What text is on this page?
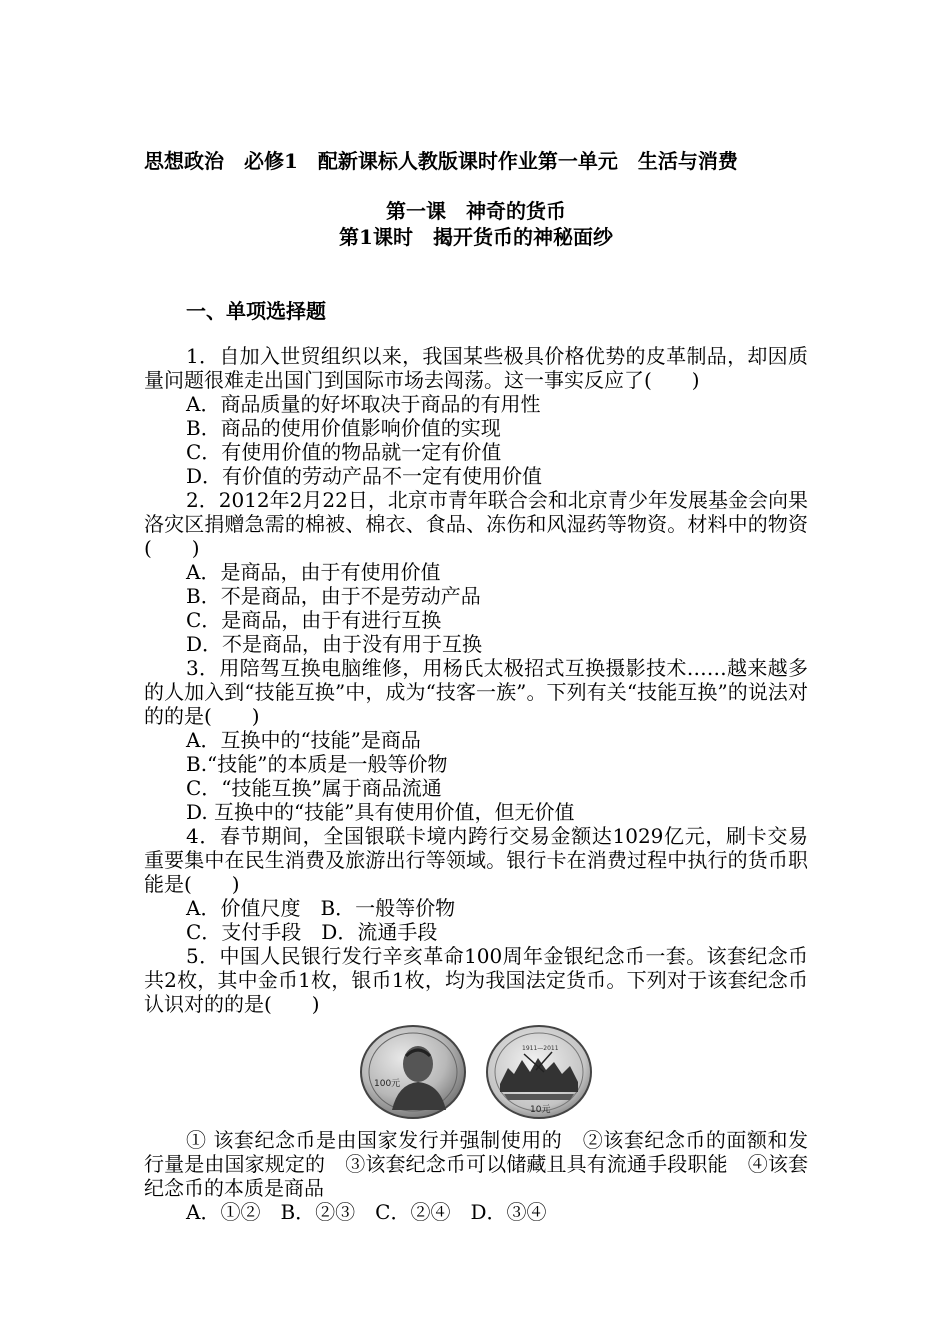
思想政治　必修1　配新课标人教版课时作业第一单元　生活与消费

第一课　神奇的货币

第1课时　揭开货币的神秘面纱

一、单项选择题

1．自加入世贸组织以来，我国某些极具价格优势的皮革制品，却因质量问题很难走出国门到国际市场去闯荡。这一事实反应了(　　)

A．商品质量的好坏取决于商品的有用性

B．商品的使用价值影响价值的实现

C．有使用价值的物品就一定有价值

D．有价值的劳动产品不一定有使用价值

2．2012年2月22日，北京市青年联合会和北京青少年发展基金会向果洛灾区捐赠急需的棉被、棉衣、食品、冻伤和风湿药等物资。材料中的物资(　　)

A．是商品，由于有使用价值

B．不是商品，由于不是劳动产品

C．是商品，由于有进行互换

D．不是商品，由于没有用于互换

3．用陪驾互换电脑维修，用杨氏太极招式互换摄影技术……越来越多的人加入到“技能互换”中，成为“技客一族”。下列有关“技能互换”的说法对的的是(　　)

A．互换中的“技能”是商品

B.“技能”的本质是一般等价物

C．“技能互换”属于商品流通

D. 互换中的“技能”具有使用价值，但无价值

4．春节期间，全国银联卡境内跨行交易金额达1029亿元，刷卡交易重要集中在民生消费及旅游出行等领域。银行卡在消费过程中执行的货币职能是(　　)

A．价值尺度　B．一般等价物

C．支付手段　D．流通手段

5．中国人民银行发行辛亥革命100周年金银纪念币一套。该套纪念币共2枚，其中金币1枚，银币1枚，均为我国法定货币。下列对于该套纪念币认识对的的是(　　)

100元
1911—2011
10元

① 该套纪念币是由国家发行并强制使用的　②该套纪念币的面额和发行量是由国家规定的　③该套纪念币可以储藏且具有流通手段职能　④该套纪念币的本质是商品

A．①②　B．②③　C．②④　D．③④
